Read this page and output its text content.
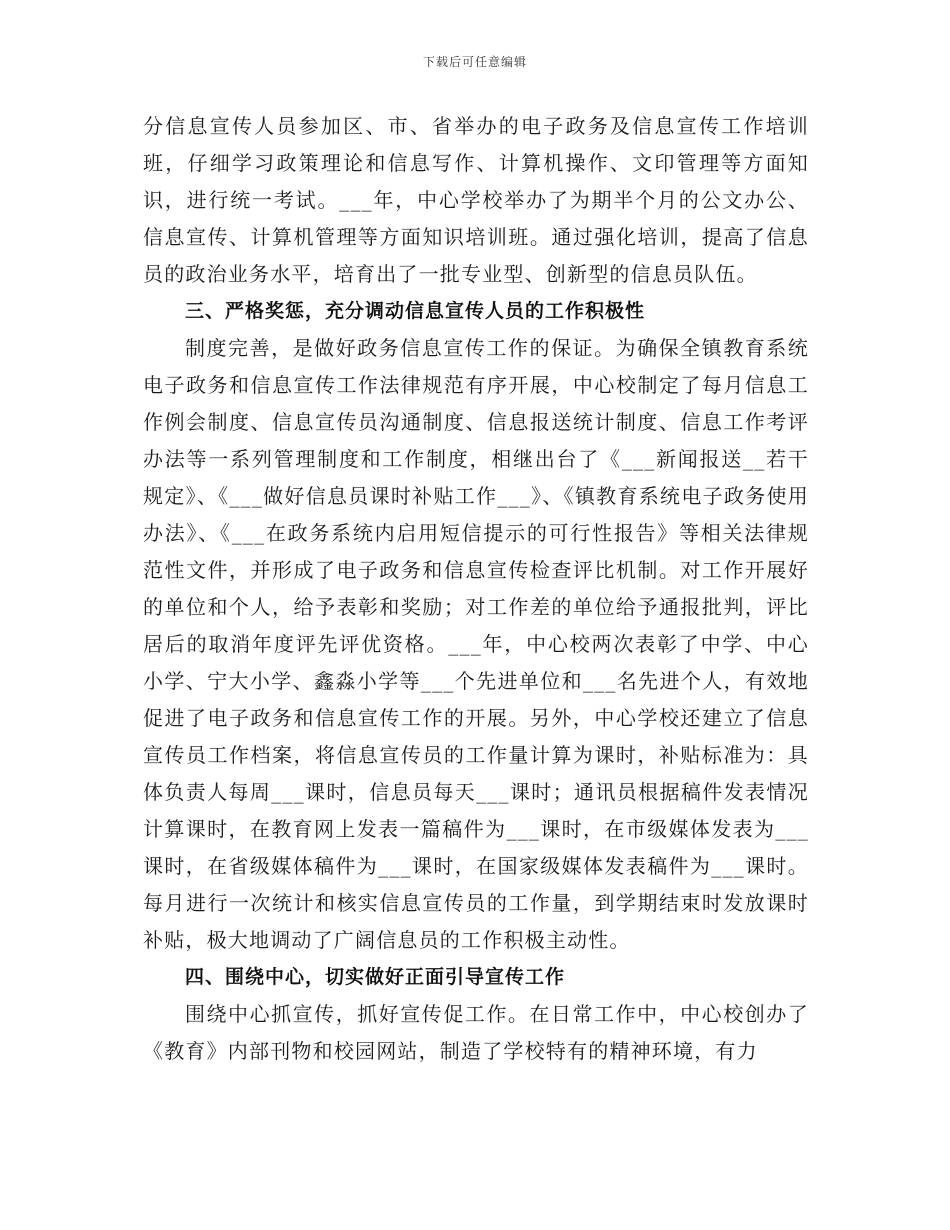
下载后可任意编辑

分信息宣传人员参加区、市、省举办的电子政务及信息宣传工作培训班，仔细学习政策理论和信息写作、计算机操作、文印管理等方面知识，进行统一考试。___年，中心学校举办了为期半个月的公文办公、信息宣传、计算机管理等方面知识培训班。通过强化培训，提高了信息员的政治业务水平，培育出了一批专业型、创新型的信息员队伍。

三、严格奖惩，充分调动信息宣传人员的工作积极性

制度完善，是做好政务信息宣传工作的保证。为确保全镇教育系统电子政务和信息宣传工作法律规范有序开展，中心校制定了每月信息工作例会制度、信息宣传员沟通制度、信息报送统计制度、信息工作考评办法等一系列管理制度和工作制度，相继出台了《___新闻报送__若干规定》、《___做好信息员课时补贴工作___》、《镇教育系统电子政务使用办法》、《___在政务系统内启用短信提示的可行性报告》等相关法律规范性文件，并形成了电子政务和信息宣传检查评比机制。对工作开展好的单位和个人，给予表彰和奖励；对工作差的单位给予通报批判，评比居后的取消年度评先评优资格。___年，中心校两次表彰了中学、中心小学、宁大小学、鑫淼小学等___个先进单位和___名先进个人，有效地促进了电子政务和信息宣传工作的开展。另外，中心学校还建立了信息宣传员工作档案，将信息宣传员的工作量计算为课时，补贴标准为：具体负责人每周___课时，信息员每天___课时；通讯员根据稿件发表情况计算课时，在教育网上发表一篇稿件为___课时，在市级媒体发表为___课时，在省级媒体稿件为___课时，在国家级媒体发表稿件为___课时。每月进行一次统计和核实信息宣传员的工作量，到学期结束时发放课时补贴，极大地调动了广阔信息员的工作积极主动性。

四、围绕中心，切实做好正面引导宣传工作

围绕中心抓宣传，抓好宣传促工作。在日常工作中，中心校创办了《教育》内部刊物和校园网站，制造了学校特有的精神环境，有力
